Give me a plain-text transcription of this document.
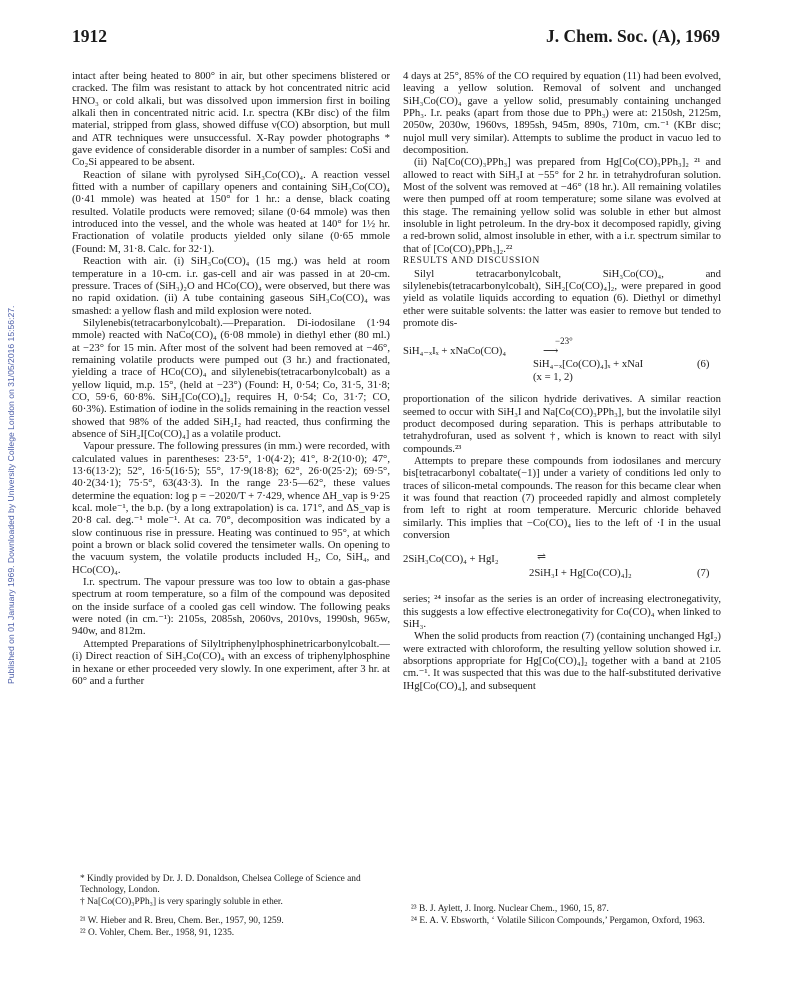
1912	J. Chem. Soc. (A), 1969
Published on 01 January 1969. Downloaded by University College London on 31/05/2016 15:56:27.

intact after being heated to 800° in air, but other specimens blistered or cracked. The film was resistant to attack by hot concentrated nitric acid HNO₃ or cold alkali, but was dissolved upon immersion first in boiling alkali then in concentrated nitric acid. I.r. spectra (KBr disc) of the film material, stripped from glass, showed diffuse ν(CO) absorption, but mull and ATR techniques were unsuccessful. X-Ray powder photographs * gave evidence of considerable disorder in a number of samples: CoSi and Co₂Si appeared to be absent.

Reaction of silane with pyrolysed SiH₃Co(CO)₄. A reaction vessel fitted with a number of capillary openers and containing SiH₃Co(CO)₄ (0·41 mmole) was heated at 150° for 1 hr.: a dense, black coating resulted. Volatile products were removed; silane (0·64 mmole) was then introduced into the vessel, and the whole was heated at 140° for 1½ hr. Fractionation of volatile products yielded only silane (0·65 mmole (Found: M, 31·8. Calc. for 32·1).

Reaction with air. (i) SiH₃Co(CO)₄ (15 mg.) was held at room temperature in a 10-cm. i.r. gas-cell and air was passed in at 20-cm. pressure. Traces of (SiH₃)₂O and HCo(CO)₄ were observed, but there was no rapid oxidation. (ii) A tube containing gaseous SiH₃Co(CO)₄ was smashed: a yellow flash and mild explosion were noted.

Silylenebis(tetracarbonylcobalt).—Preparation. Di-iodosilane (1·94 mmole) reacted with NaCo(CO)₄ (6·08 mmole) in diethyl ether (80 ml.) at −23° for 15 min. After most of the solvent had been removed at −46°, remaining volatile products were pumped out (3 hr.) and fractionated, yielding a trace of HCo(CO)₄ and silylenebis(tetracarbonylcobalt) as a yellow liquid, m.p. 15°, (held at −23°) (Found: H, 0·54; Co, 31·5, 31·8; CO, 59·6, 60·8%. SiH₂[Co(CO)₄]₂ requires H, 0·54; Co, 31·7; CO, 60·3%). Estimation of iodine in the solids remaining in the reaction vessel showed that 98% of the added SiH₂I₂ had reacted, thus confirming the absence of SiH₂I[Co(CO)₄] as a volatile product.

Vapour pressure. The following pressures (in mm.) were recorded, with calculated values in parentheses: 23·5°, 1·0(4·2); 41°, 8·2(10·0); 47°, 13·6(13·2); 52°, 16·5(16·5); 55°, 17·9(18·8); 62°, 26·0(25·2); 69·5°, 40·2(34·1); 75·5°, 63(43·3). In the range 23·5—62°, these values determine the equation: log p = −2020/T + 7·429, whence ΔH_vap is 9·25 kcal. mole⁻¹, the b.p. (by a long extrapolation) is ca. 171°, and ΔS_vap is 20·8 cal. deg.⁻¹ mole⁻¹. At ca. 70°, decomposition was indicated by a slow continuous rise in pressure. Heating was continued to 95°, at which point a brown or black solid covered the tensimeter walls. On opening to the vacuum system, the volatile products included H₂, Co, SiH₄, and HCo(CO)₄.

I.r. spectrum. The vapour pressure was too low to obtain a gas-phase spectrum at room temperature, so a film of the compound was deposited on the inside surface of a cooled gas cell window. The following peaks were noted (in cm.⁻¹): 2105s, 2085sh, 2060vs, 2010vs, 1990sh, 965w, 940w, and 812m.

Attempted Preparations of Silyltriphenylphosphinetricarbonylcobalt.—(i) Direct reaction of SiH₃Co(CO)₄ with an excess of triphenylphosphine in hexane or ether proceeded very slowly. In one experiment, after 3 hr. at 60° and a further

* Kindly provided by Dr. J. D. Donaldson, Chelsea College of Science and Technology, London.

† Na[Co(CO)₃PPh₃] is very sparingly soluble in ether.

²¹ W. Hieber and R. Breu, Chem. Ber., 1957, 90, 1259.

²² O. Vohler, Chem. Ber., 1958, 91, 1235.

4 days at 25°, 85% of the CO required by equation (11) had been evolved, leaving a yellow solution. Removal of solvent and unchanged SiH₃Co(CO)₄ gave a yellow solid, presumably containing unchanged PPh₃. I.r. peaks (apart from those due to PPh₃) were at: 2150sh, 2125m, 2050w, 2030w, 1960vs, 1895sh, 945m, 890s, 710m, cm.⁻¹ (KBr disc; nujol mull very similar). Attempts to sublime the product in vacuo led to decomposition.

(ii) Na[Co(CO)₃PPh₃] was prepared from Hg[Co(CO)₃PPh₃]₂ ²¹ and allowed to react with SiH₃I at −55° for 2 hr. in tetrahydrofuran solution. Most of the solvent was removed at −46° (18 hr.). All remaining volatiles were then pumped off at room temperature; some silane was evolved at this stage. The remaining yellow solid was soluble in ether but almost insoluble in light petroleum. In the dry-box it decomposed rapidly, giving a red-brown solid, almost insoluble in ether, with a i.r. spectrum similar to that of [Co(CO)₃PPh₃]₂.²²

RESULTS AND DISCUSSION

Silyl tetracarbonylcobalt, SiH₃Co(CO)₄, and silylenebis(tetracarbonylcobalt), SiH₂[Co(CO)₄]₂, were prepared in good yield as volatile liquids according to equation (6). Diethyl or dimethyl ether were suitable solvents: the latter was easier to remove but tended to promote dis-

SiH₄₋ₓIₓ + xNaCo(CO)₄
−23°
⟶
SiH₄₋ₓ[Co(CO)₄]ₓ + xNaI	(6)
(x = 1, 2)

proportionation of the silicon hydride derivatives. A similar reaction seemed to occur with SiH₃I and Na[Co(CO)₃PPh₃], but the involatile silyl product decomposed during separation. This is perhaps attributable to tetrahydrofuran, used as solvent †, which is known to react with silyl compounds.²³

Attempts to prepare these compounds from iodosilanes and mercury bis[tetracarbonyl cobaltate(−1)] under a variety of conditions led only to traces of silicon-metal compounds. The reason for this became clear when it was found that reaction (7) proceeded rapidly and almost completely from left to right at room temperature. Mercuric chloride behaved similarly. This implies that −Co(CO)₄ lies to the left of ·I in the usual conversion

2SiH₃Co(CO)₄ + HgI₂	⇌
2SiH₃I + Hg[Co(CO)₄]₂	(7)

series; ²⁴ insofar as the series is an order of increasing electronegativity, this suggests a low effective electronegativity for Co(CO)₄ when linked to SiH₃.

When the solid products from reaction (7) (containing unchanged HgI₂) were extracted with chloroform, the resulting yellow solution showed i.r. absorptions appropriate for Hg[Co(CO)₄]₂ together with a band at 2105 cm.⁻¹. It was suspected that this was due to the half-substituted derivative IHg[Co(CO)₄], and subsequent

²³ B. J. Aylett, J. Inorg. Nuclear Chem., 1960, 15, 87.

²⁴ E. A. V. Ebsworth, ‘ Volatile Silicon Compounds,’ Pergamon, Oxford, 1963.
